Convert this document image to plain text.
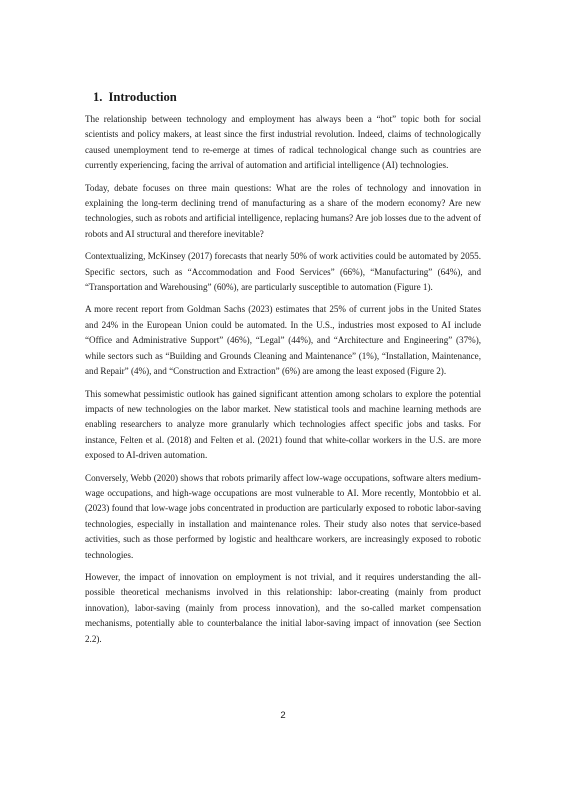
1. Introduction

The relationship between technology and employment has always been a “hot” topic both for social scientists and policy makers, at least since the first industrial revolution. Indeed, claims of technologically caused unemployment tend to re-emerge at times of radical technological change such as countries are currently experiencing, facing the arrival of automation and artificial intelligence (AI) technologies.

Today, debate focuses on three main questions: What are the roles of technology and innovation in explaining the long-term declining trend of manufacturing as a share of the modern economy? Are new technologies, such as robots and artificial intelligence, replacing humans? Are job losses due to the advent of robots and AI structural and therefore inevitable?

Contextualizing, McKinsey (2017) forecasts that nearly 50% of work activities could be automated by 2055. Specific sectors, such as “Accommodation and Food Services” (66%), “Manufacturing” (64%), and “Transportation and Warehousing” (60%), are particularly susceptible to automation (Figure 1).

A more recent report from Goldman Sachs (2023) estimates that 25% of current jobs in the United States and 24% in the European Union could be automated. In the U.S., industries most exposed to AI include “Office and Administrative Support” (46%), “Legal” (44%), and “Architecture and Engineering” (37%), while sectors such as “Building and Grounds Cleaning and Maintenance” (1%), “Installation, Maintenance, and Repair” (4%), and “Construction and Extraction” (6%) are among the least exposed (Figure 2).

This somewhat pessimistic outlook has gained significant attention among scholars to explore the potential impacts of new technologies on the labor market. New statistical tools and machine learning methods are enabling researchers to analyze more granularly which technologies affect specific jobs and tasks. For instance, Felten et al. (2018) and Felten et al. (2021) found that white-collar workers in the U.S. are more exposed to AI-driven automation.

Conversely, Webb (2020) shows that robots primarily affect low-wage occupations, software alters medium-wage occupations, and high-wage occupations are most vulnerable to AI. More recently, Montobbio et al. (2023) found that low-wage jobs concentrated in production are particularly exposed to robotic labor-saving technologies, especially in installation and maintenance roles. Their study also notes that service-based activities, such as those performed by logistic and healthcare workers, are increasingly exposed to robotic technologies.

However, the impact of innovation on employment is not trivial, and it requires understanding the all-possible theoretical mechanisms involved in this relationship: labor-creating (mainly from product innovation), labor-saving (mainly from process innovation), and the so-called market compensation mechanisms, potentially able to counterbalance the initial labor-saving impact of innovation (see Section 2.2).

2
